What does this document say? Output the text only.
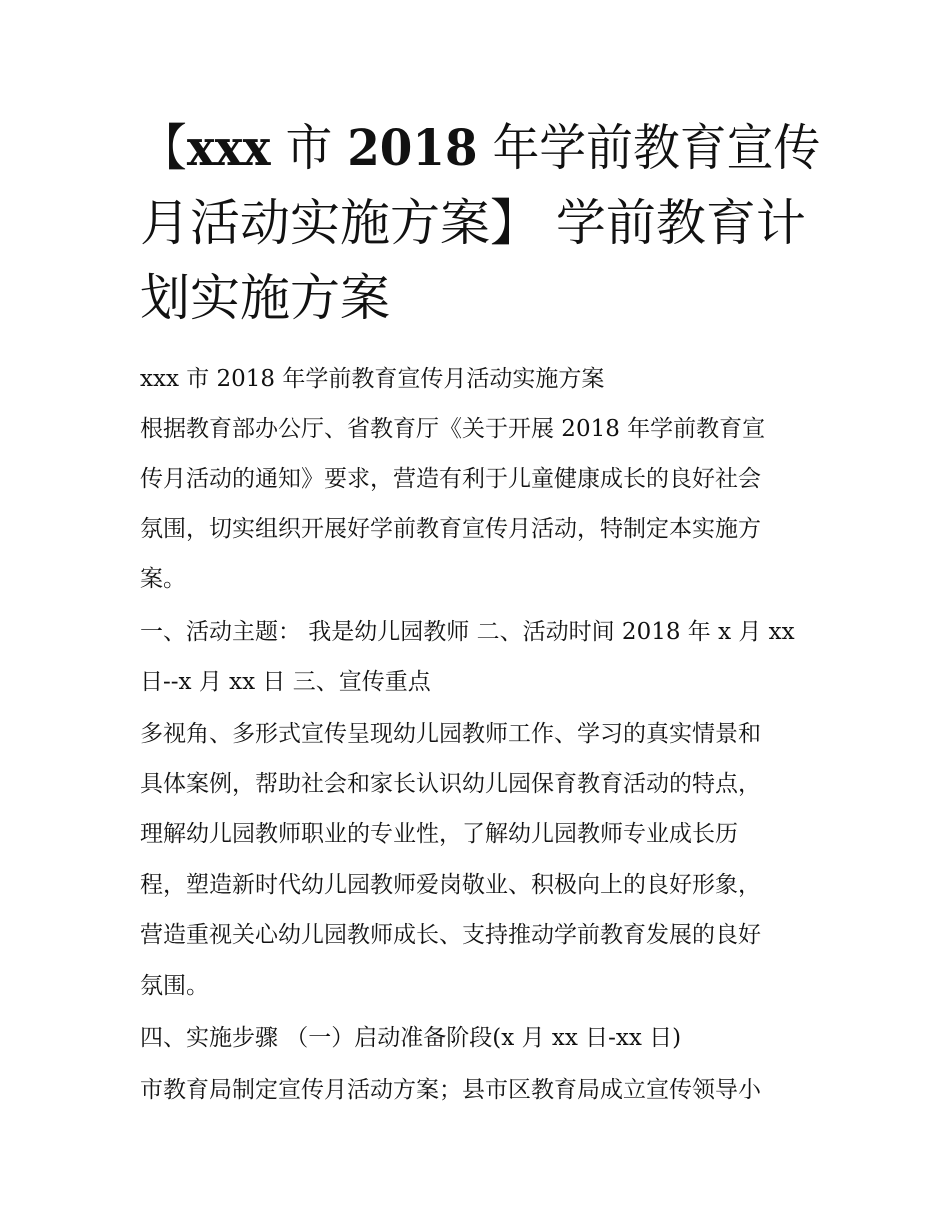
【xxx 市 2018 年学前教育宣传
月活动实施方案】 学前教育计
划实施方案
xxx 市 2018 年学前教育宣传月活动实施方案
根据教育部办公厅、省教育厅《关于开展 2018 年学前教育宣
传月活动的通知》要求，营造有利于儿童健康成长的良好社会
氛围，切实组织开展好学前教育宣传月活动，特制定本实施方
案。
一、活动主题： 我是幼儿园教师 二、活动时间 2018 年 x 月 xx
日--x 月 xx 日 三、宣传重点
多视角、多形式宣传呈现幼儿园教师工作、学习的真实情景和
具体案例，帮助社会和家长认识幼儿园保育教育活动的特点，
理解幼儿园教师职业的专业性，了解幼儿园教师专业成长历
程，塑造新时代幼儿园教师爱岗敬业、积极向上的良好形象，
营造重视关心幼儿园教师成长、支持推动学前教育发展的良好
氛围。
四、实施步骤 （一）启动准备阶段(x 月 xx 日-xx 日)
市教育局制定宣传月活动方案；县市区教育局成立宣传领导小
